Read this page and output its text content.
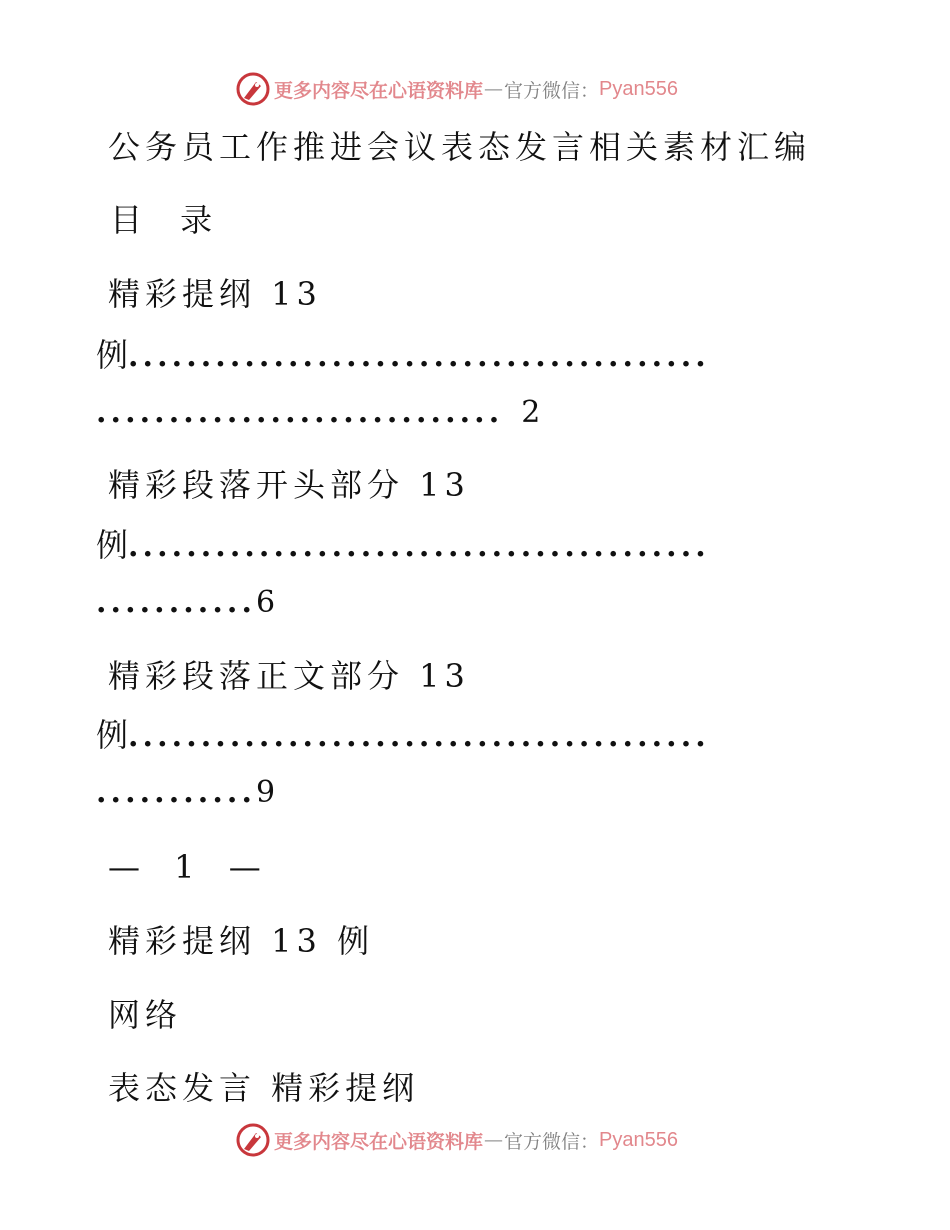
更多内容尽在心语资料库 — 官方微信： Pyan556
公务员工作推进会议表态发言相关素材汇编
目 录
精彩提纲 13
例........................................
............................ 2
精彩段落开头部分 13
例........................................
...........6
精彩段落正文部分 13
例........................................
...........9
— 1 —
精彩提纲 13 例
网络
表态发言 精彩提纲
更多内容尽在心语资料库 — 官方微信： Pyan556
